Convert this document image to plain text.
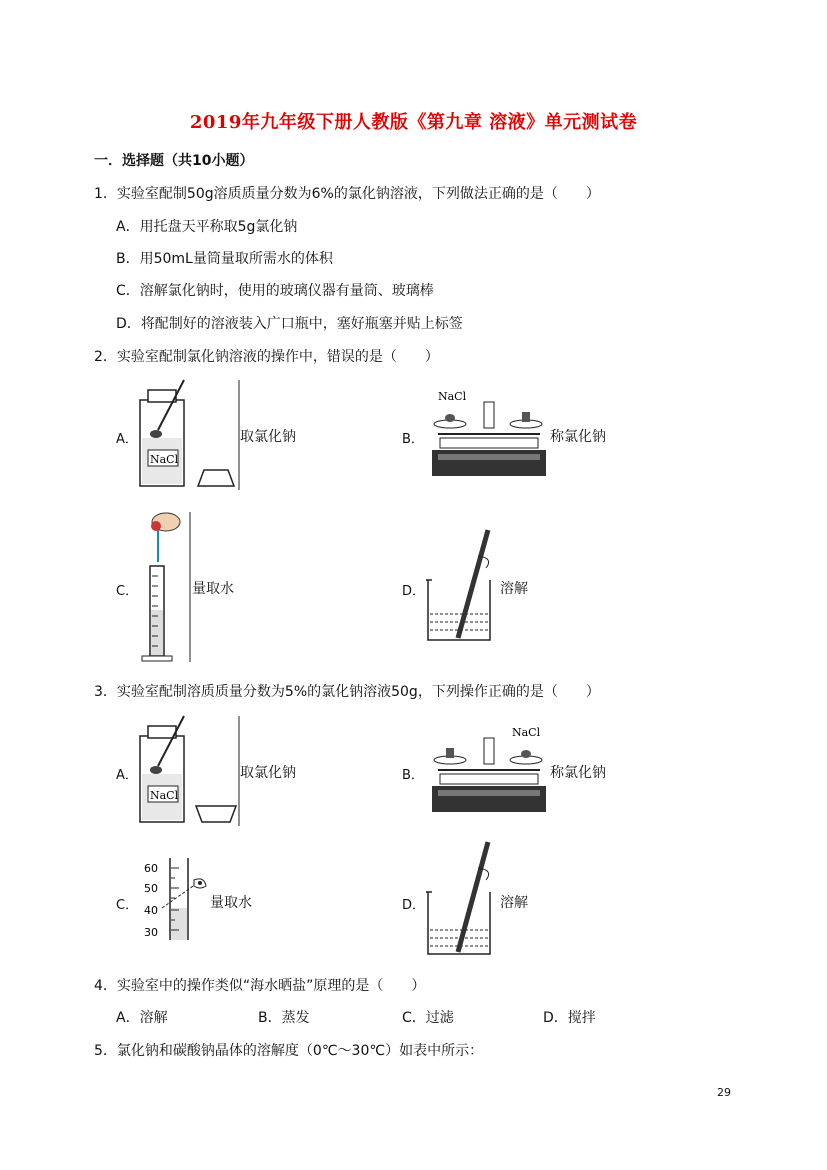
2019年九年级下册人教版《第九章 溶液》单元测试卷
一．选择题（共10小题）
1．实验室配制50g溶质质量分数为6%的氯化钠溶液，下列做法正确的是（　　）
A．用托盘天平称取5g氯化钠
B．用50mL量筒量取所需水的体积
C．溶解氯化钠时，使用的玻璃仪器有量筒、玻璃棒
D．将配制好的溶液装入广口瓶中，塞好瓶塞并贴上标签
2．实验室配制氯化钠溶液的操作中，错误的是（　　）
A．
NaCl
取氯化钠	B．
NaCl
称氯化钠
C．	量取水	D．	溶解
3．实验室配制溶质质量分数为5%的氯化钠溶液50g，下列操作正确的是（　　）
A．
NaCl
取氯化钠	B．
NaCl
称氯化钠
C．
60
50
40
30
量取水	D．	溶解
4．实验室中的操作类似“海水晒盐”原理的是（　　）
A．溶解	B．蒸发	C．过滤	D．搅拌
5．氯化钠和碳酸钠晶体的溶解度（0℃～30℃）如表中所示：
29
